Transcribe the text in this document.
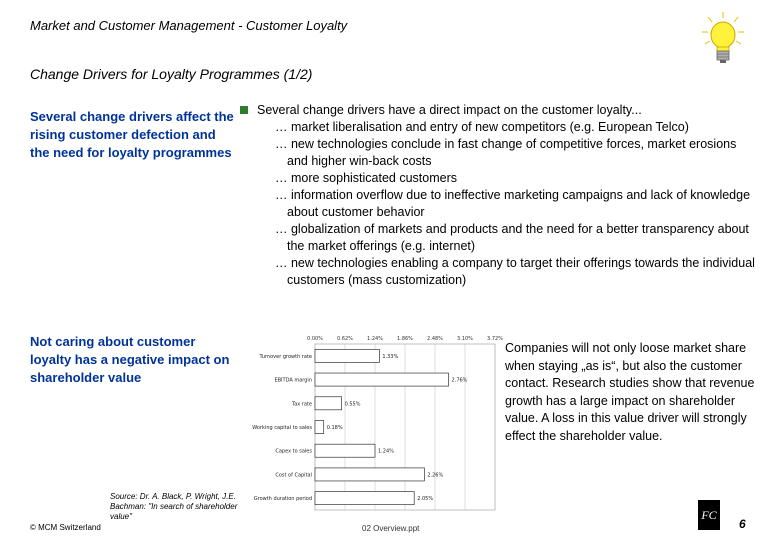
Market and Customer Management - Customer Loyalty
Change Drivers for Loyalty Programmes (1/2)
Several change drivers affect the rising customer defection and the need for loyalty programmes
Not caring about customer loyalty has a negative impact on shareholder value
Several change drivers have a direct impact on the customer loyalty...
… market liberalisation and entry of new competitors (e.g. European Telco)
… new technologies conclude in fast change of competitive forces, market erosions and higher win-back costs
… more sophisticated customers
… information overflow due to ineffective marketing campaigns and lack of knowledge about customer behavior
… globalization of markets and products and the need for a better transparency about the market offerings (e.g. internet)
… new technologies enabling a company to target their offerings towards the individual customers (mass customization)
0.00%	0.62%	1.24%	1.86%	2.48%	3.10%	3.72%
Turnover growth rate	1.33%
EBITDA margin	2.76%
Tax rate	0.55%
Working capital to sales	0.18%
Capex to sales	1.24%
Cost of Capital	2.26%
Growth duration period	2.05%
Companies will not only loose market share when staying „as is“, but also the customer contact. Research studies show that revenue growth has a large impact on shareholder value. A loss in this value driver will strongly effect the shareholder value.
Source: Dr. A. Black, P. Wright, J.E. Bachman: "In search of shareholder value"
© MCM Switzerland	02 Overview.ppt
FC
6
